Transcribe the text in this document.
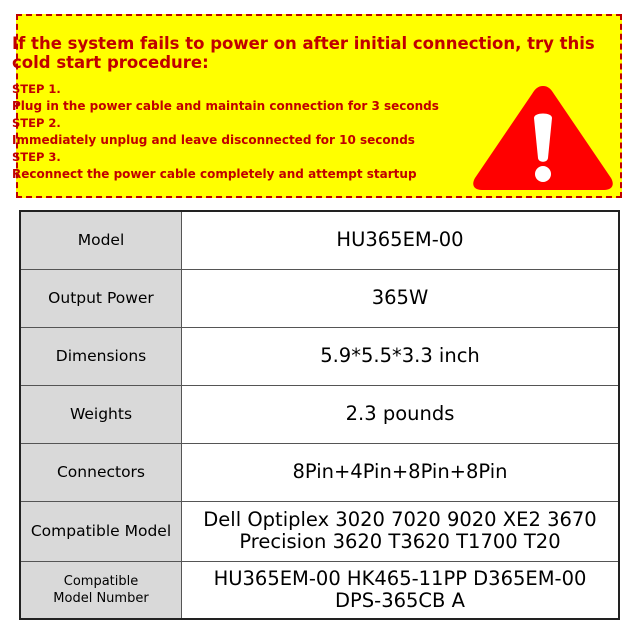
If the system fails to power on after initial connection, try this cold start procedure:
STEP 1.
Plug in the power cable and maintain connection for 3 seconds
STEP 2.
Immediately unplug and leave disconnected for 10 seconds
STEP 3.
Reconnect the power cable completely and attempt startup
Model	HU365EM-00
Output Power	365W
Dimensions	5.9*5.5*3.3 inch
Weights	2.3 pounds
Connectors	8Pin+4Pin+8Pin+8Pin
Compatible Model	Dell Optiplex 3020 7020 9020 XE2 3670
Precision 3620 T3620 T1700 T20

Compatible
Model Number	HU365EM-00 HK465-11PP D365EM-00
DPS-365CB A
